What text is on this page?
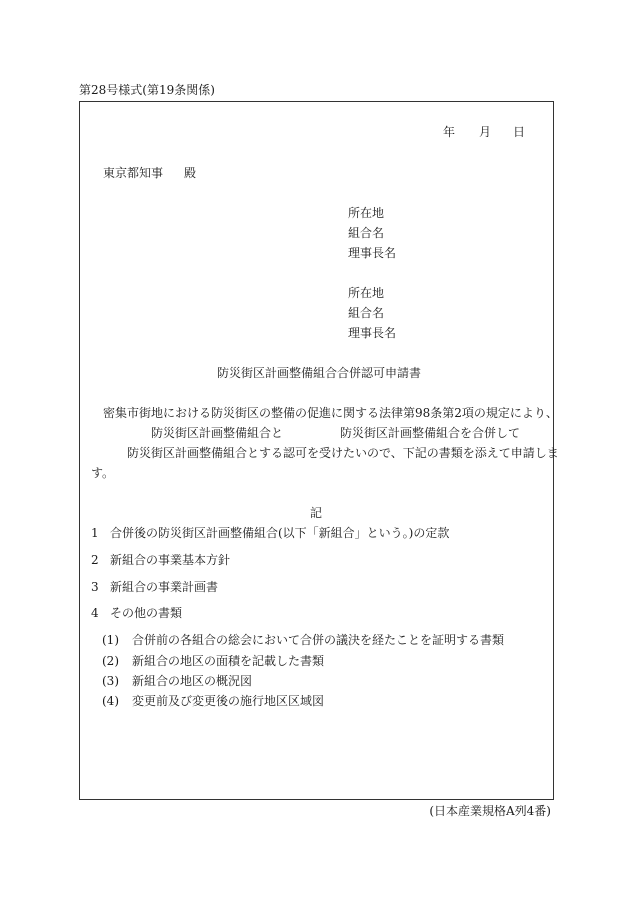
第28号様式(第19条関係)
年 月 日
東京都知事 殿
所在地
組合名
理事長名
所在地
組合名
理事長名
防災街区計画整備組合合併認可申請書
密集市街地における防災街区の整備の促進に関する法律第98条第2項の規定により、
防災街区計画整備組合と	防災街区計画整備組合を合併して
防災街区計画整備組合とする認可を受けたいので、下記の書類を添えて申請しま
す。
記
1 合併後の防災街区計画整備組合(以下「新組合」という。)の定款
2 新組合の事業基本方針
3 新組合の事業計画書
4 その他の書類
(1) 合併前の各組合の総会において合併の議決を経たことを証明する書類
(2) 新組合の地区の面積を記載した書類
(3) 新組合の地区の概況図
(4) 変更前及び変更後の施行地区区域図
(日本産業規格A列4番)
